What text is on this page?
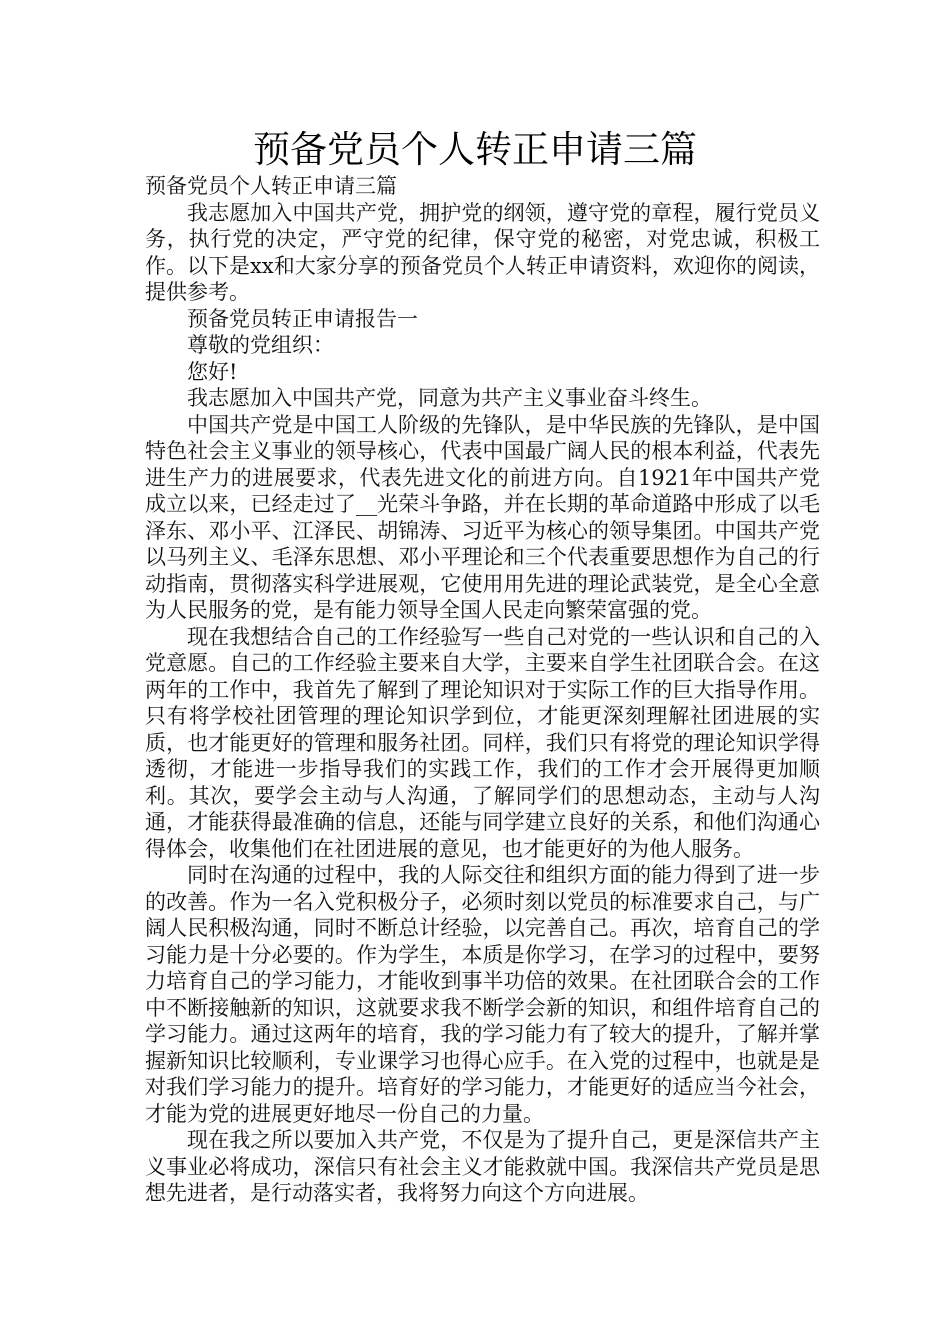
预备党员个人转正申请三篇

预备党员个人转正申请三篇

我志愿加入中国共产党，拥护党的纲领，遵守党的章程，履行党员义务，执行党的决定，严守党的纪律，保守党的秘密，对党忠诚，积极工作。以下是xx和大家分享的预备党员个人转正申请资料，欢迎你的阅读，提供参考。

预备党员转正申请报告一

尊敬的党组织：

您好!

我志愿加入中国共产党，同意为共产主义事业奋斗终生。

中国共产党是中国工人阶级的先锋队，是中华民族的先锋队，是中国特色社会主义事业的领导核心，代表中国最广阔人民的根本利益，代表先进生产力的进展要求，代表先进文化的前进方向。自1921年中国共产党成立以来，已经走过了__光荣斗争路，并在长期的革命道路中形成了以毛泽东、邓小平、江泽民、胡锦涛、习近平为核心的领导集团。中国共产党以马列主义、毛泽东思想、邓小平理论和三个代表重要思想作为自己的行动指南，贯彻落实科学进展观，它使用用先进的理论武装党，是全心全意为人民服务的党，是有能力领导全国人民走向繁荣富强的党。

现在我想结合自己的工作经验写一些自己对党的一些认识和自己的入党意愿。自己的工作经验主要来自大学，主要来自学生社团联合会。在这两年的工作中，我首先了解到了理论知识对于实际工作的巨大指导作用。只有将学校社团管理的理论知识学到位，才能更深刻理解社团进展的实质，也才能更好的管理和服务社团。同样，我们只有将党的理论知识学得透彻，才能进一步指导我们的实践工作，我们的工作才会开展得更加顺利。其次，要学会主动与人沟通，了解同学们的思想动态，主动与人沟通，才能获得最准确的信息，还能与同学建立良好的关系，和他们沟通心得体会，收集他们在社团进展的意见，也才能更好的为他人服务。

同时在沟通的过程中，我的人际交往和组织方面的能力得到了进一步的改善。作为一名入党积极分子，必须时刻以党员的标准要求自己，与广阔人民积极沟通，同时不断总计经验，以完善自己。再次，培育自己的学习能力是十分必要的。作为学生，本质是你学习，在学习的过程中，要努力培育自己的学习能力，才能收到事半功倍的效果。在社团联合会的工作中不断接触新的知识，这就要求我不断学会新的知识，和组件培育自己的学习能力。通过这两年的培育，我的学习能力有了较大的提升，了解并掌握新知识比较顺利，专业课学习也得心应手。在入党的过程中，也就是是对我们学习能力的提升。培育好的学习能力，才能更好的适应当今社会，才能为党的进展更好地尽一份自己的力量。

现在我之所以要加入共产党，不仅是为了提升自己，更是深信共产主义事业必将成功，深信只有社会主义才能救就中国。我深信共产党员是思想先进者，是行动落实者，我将努力向这个方向进展。
